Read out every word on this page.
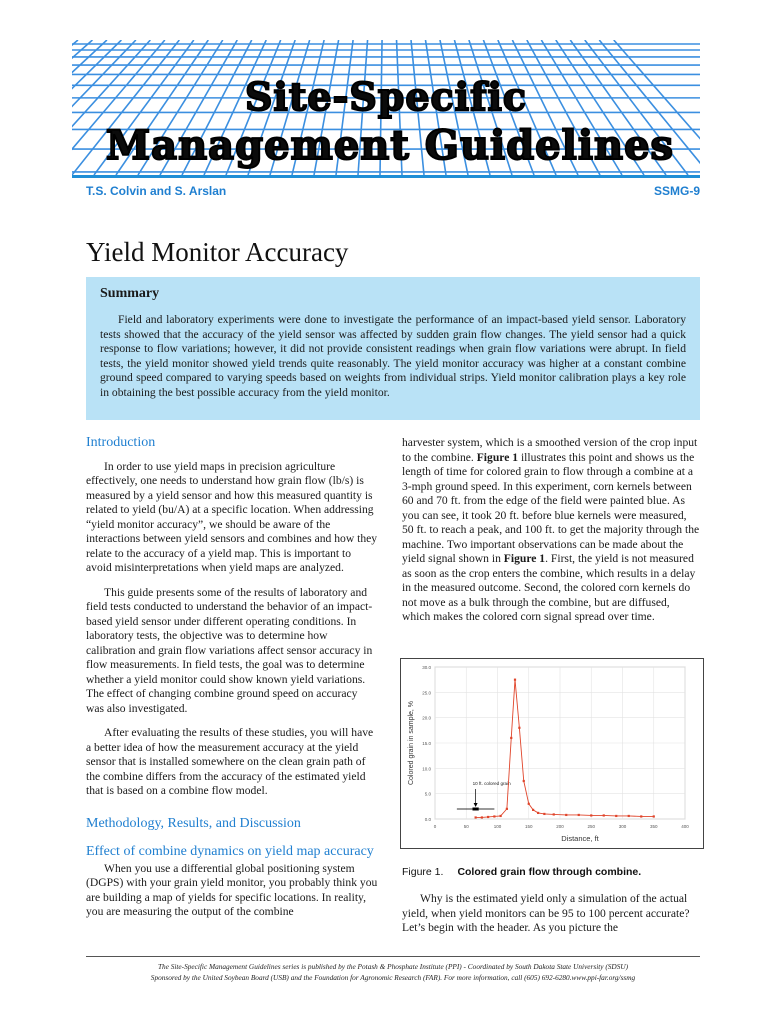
Site-Specific
Management Guidelines
T.S. Colvin and S. Arslan	SSMG-9
Yield Monitor Accuracy
Summary

Field and laboratory experiments were done to investigate the performance of an impact-based yield sensor. Laboratory tests showed that the accuracy of the yield sensor was affected by sudden grain flow changes. The yield sensor had a quick response to flow variations; however, it did not provide consistent readings when grain flow variations were abrupt. In field tests, the yield monitor showed yield trends quite reasonably. The yield monitor accuracy was higher at a constant combine ground speed compared to varying speeds based on weights from individual strips. Yield monitor calibration plays a key role in obtaining the best possible accuracy from the yield monitor.

Introduction

In order to use yield maps in precision agriculture effectively, one needs to understand how grain flow (lb/s) is measured by a yield sensor and how this measured quantity is related to yield (bu/A) at a specific location. When addressing “yield monitor accuracy”, we should be aware of the interactions between yield sensors and combines and how they relate to the accuracy of a yield map. This is important to avoid misinterpretations when yield maps are analyzed.

This guide presents some of the results of laboratory and field tests conducted to understand the behavior of an impact-based yield sensor under different operating conditions. In laboratory tests, the objective was to determine how calibration and grain flow variations affect sensor accuracy in flow measurements. In field tests, the goal was to determine whether a yield monitor could show known yield variations. The effect of changing combine ground speed on accuracy was also investigated.

After evaluating the results of these studies, you will have a better idea of how the measurement accuracy at the yield sensor that is installed somewhere on the clean grain path of the combine differs from the accuracy of the estimated yield that is based on a combine flow model.

Methodology, Results, and Discussion
Effect of combine dynamics on yield map accuracy

When you use a differential global positioning system (DGPS) with your grain yield monitor, you probably think you are building a map of yields for specific locations. In reality, you are measuring the output of the combine

harvester system, which is a smoothed version of the crop input to the combine. Figure 1 illustrates this point and shows us the length of time for colored grain to flow through a combine at a 3-mph ground speed. In this experiment, corn kernels between 60 and 70 ft. from the edge of the field were painted blue. As you can see, it took 20 ft. before blue kernels were measured, 50 ft. to reach a peak, and 100 ft. to get the majority through the machine. Two important observations can be made about the yield signal shown in Figure 1. First, the yield is not measured as soon as the crop enters the combine, which results in a delay in the measured outcome. Second, the colored corn kernels do not move as a bulk through the combine, but are diffused, which makes the colored corn signal spread over time.

0.0
5.0
10.0
15.0
20.0
25.0
30.0
0	50	100	150	200	250	300	350	400
Distance, ft
Colored grain in sample, %	10 ft. colored grain
Figure 1. Colored grain flow through combine.

Why is the estimated yield only a simulation of the actual yield, when yield monitors can be 95 to 100 percent accurate? Let’s begin with the header. As you picture the

The Site-Specific Management Guidelines series is published by the Potash & Phosphate Institute (PPI) - Coordinated by South Dakota State University (SDSU)
Sponsored by the United Soybean Board (USB) and the Foundation for Agronomic Research (FAR). For more information, call (605) 692-6280.www.ppi-far.org/ssmg
